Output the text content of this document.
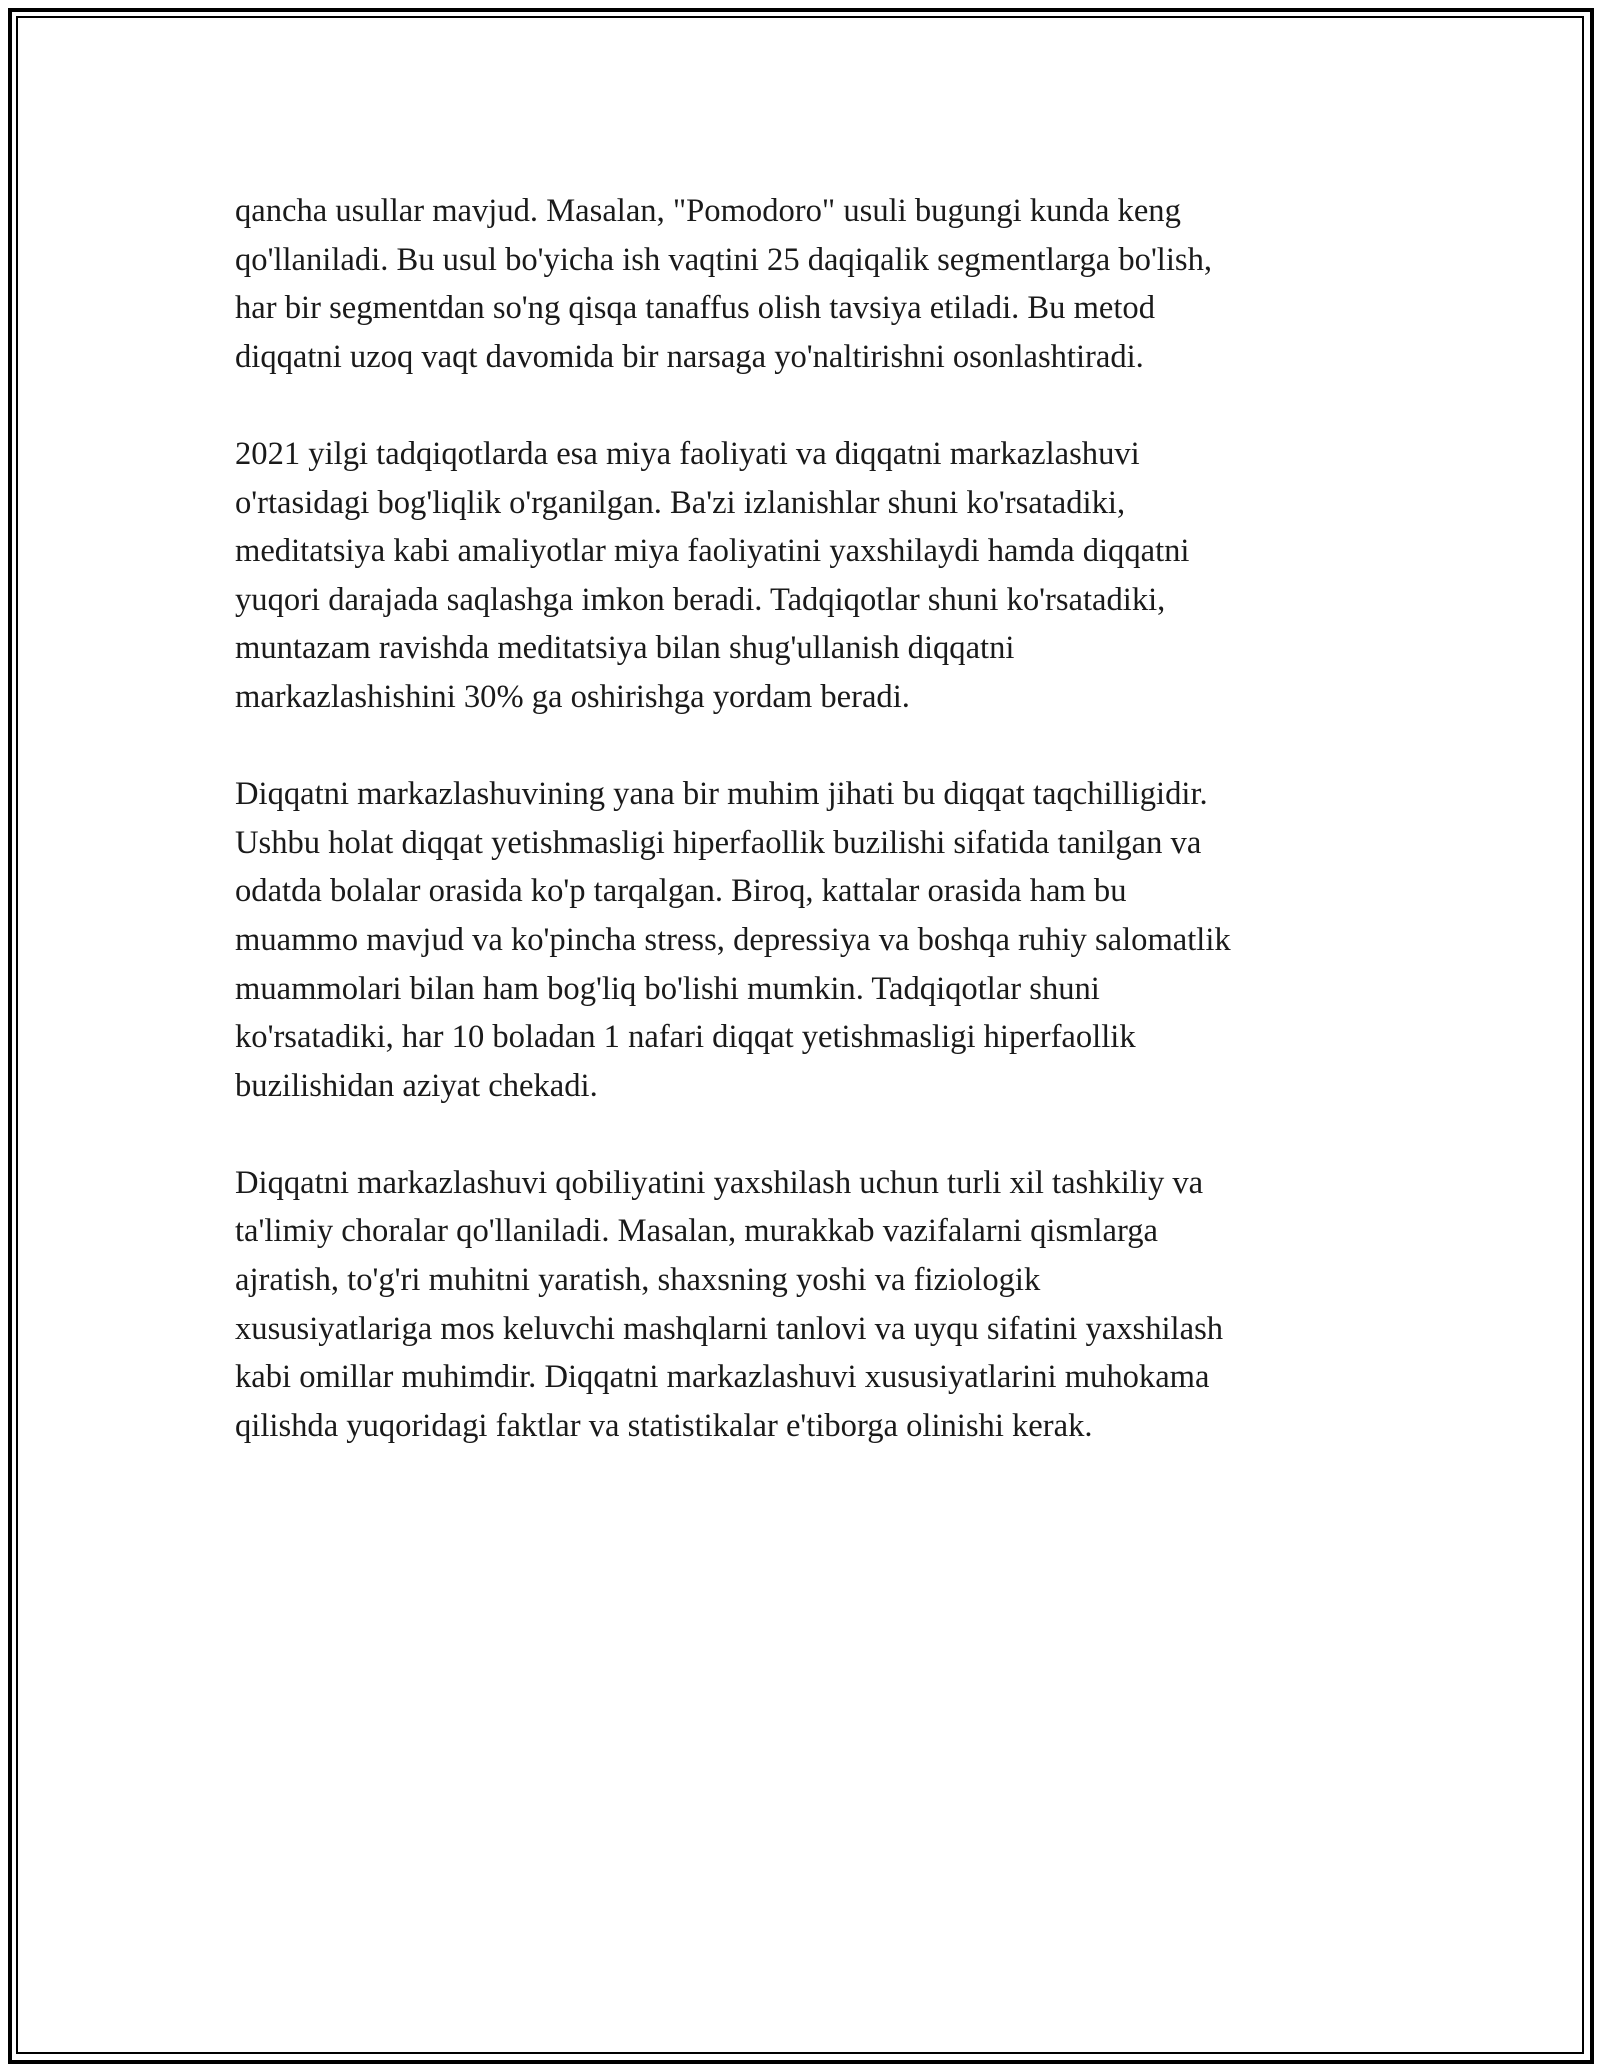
qancha usullar mavjud. Masalan, "Pomodoro" usuli bugungi kunda keng
qo'llaniladi. Bu usul bo'yicha ish vaqtini 25 daqiqalik segmentlarga bo'lish,
har bir segmentdan so'ng qisqa tanaffus olish tavsiya etiladi. Bu metod
diqqatni uzoq vaqt davomida bir narsaga yo'naltirishni osonlashtiradi.

2021 yilgi tadqiqotlarda esa miya faoliyati va diqqatni markazlashuvi
o'rtasidagi bog'liqlik o'rganilgan. Ba'zi izlanishlar shuni ko'rsatadiki,
meditatsiya kabi amaliyotlar miya faoliyatini yaxshilaydi hamda diqqatni
yuqori darajada saqlashga imkon beradi. Tadqiqotlar shuni ko'rsatadiki,
muntazam ravishda meditatsiya bilan shug'ullanish diqqatni
markazlashishini 30% ga oshirishga yordam beradi.

Diqqatni markazlashuvining yana bir muhim jihati bu diqqat taqchilligidir.
Ushbu holat diqqat yetishmasligi hiperfaollik buzilishi sifatida tanilgan va
odatda bolalar orasida ko'p tarqalgan. Biroq, kattalar orasida ham bu
muammo mavjud va ko'pincha stress, depressiya va boshqa ruhiy salomatlik
muammolari bilan ham bog'liq bo'lishi mumkin. Tadqiqotlar shuni
ko'rsatadiki, har 10 boladan 1 nafari diqqat yetishmasligi hiperfaollik
buzilishidan aziyat chekadi.

Diqqatni markazlashuvi qobiliyatini yaxshilash uchun turli xil tashkiliy va
ta'limiy choralar qo'llaniladi. Masalan, murakkab vazifalarni qismlarga
ajratish, to'g'ri muhitni yaratish, shaxsning yoshi va fiziologik
xususiyatlariga mos keluvchi mashqlarni tanlovi va uyqu sifatini yaxshilash
kabi omillar muhimdir. Diqqatni markazlashuvi xususiyatlarini muhokama
qilishda yuqoridagi faktlar va statistikalar e'tiborga olinishi kerak.
